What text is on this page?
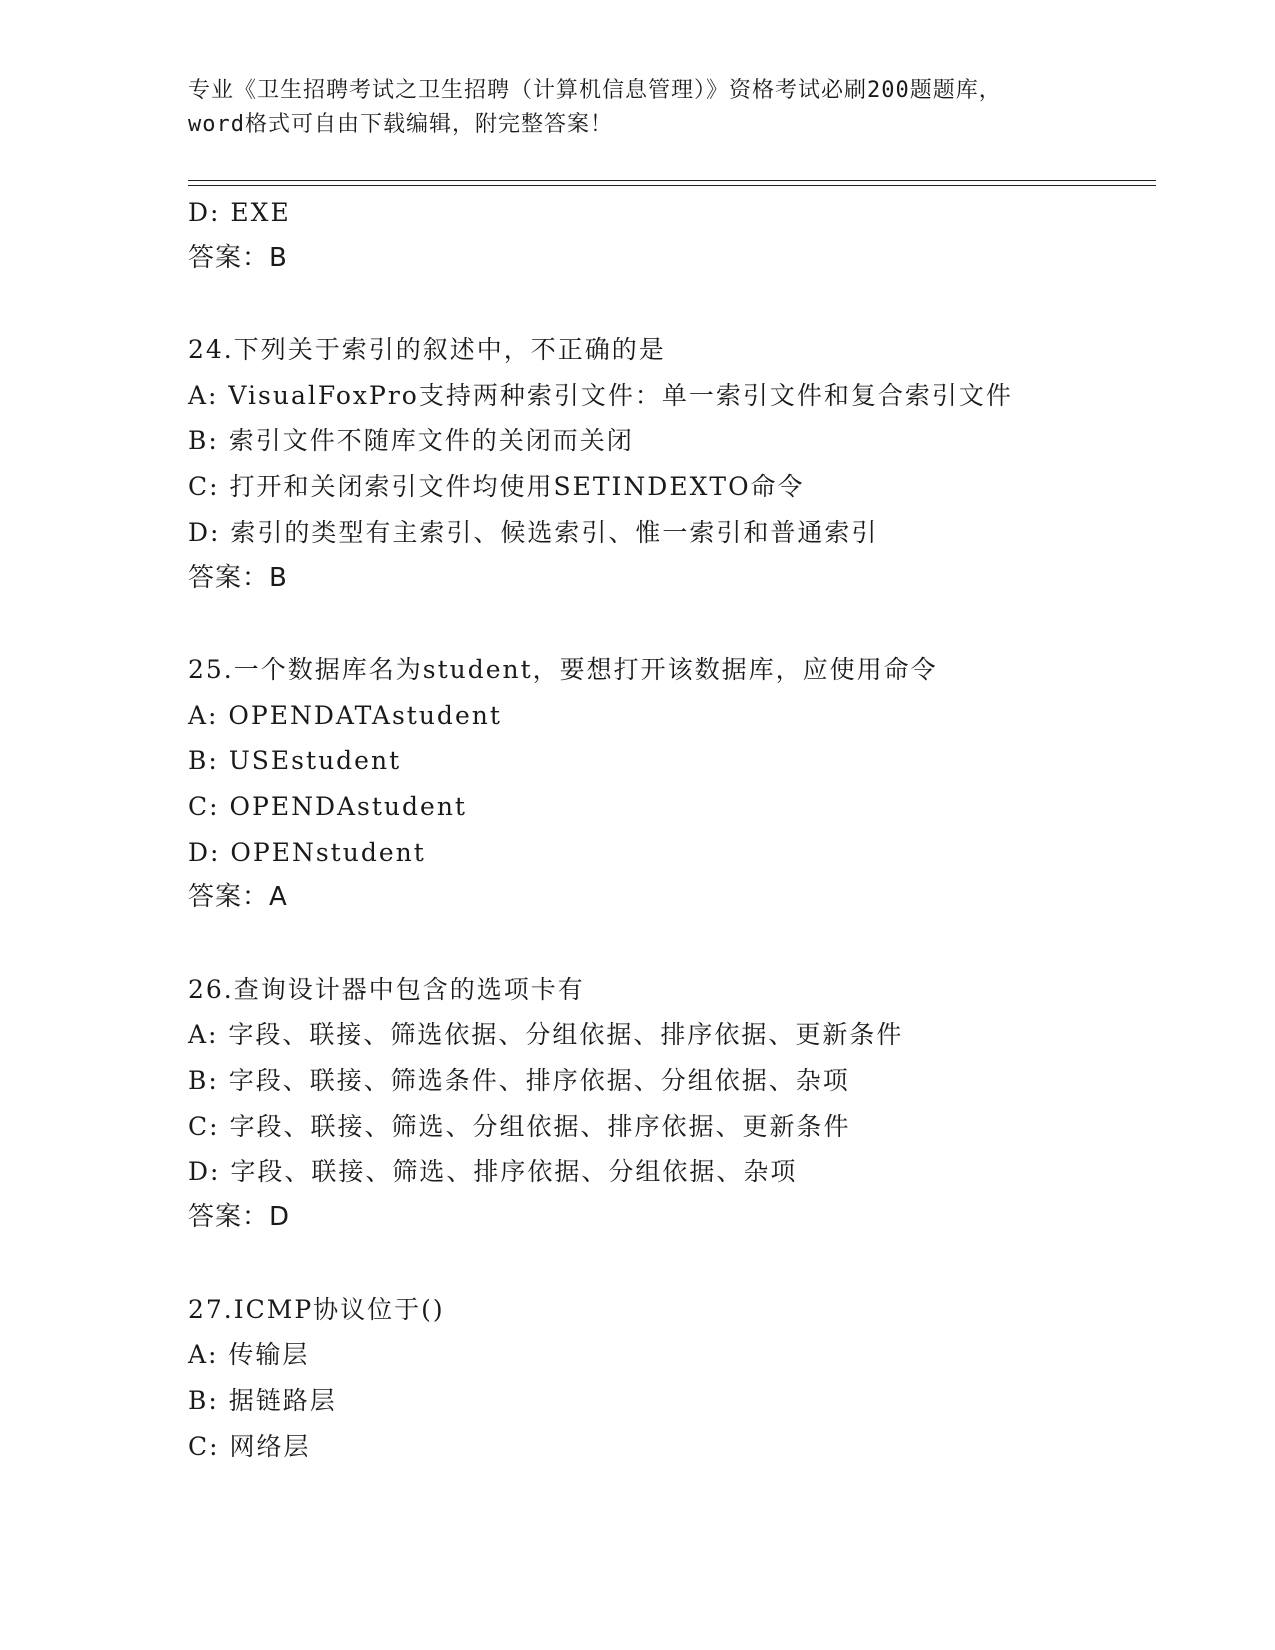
专业《卫生招聘考试之卫生招聘（计算机信息管理）》资格考试必刷200题题库，
word格式可自由下载编辑，附完整答案！
D: EXE
答案：B
24.下列关于索引的叙述中，不正确的是
A: VisualFoxPro支持两种索引文件：单一索引文件和复合索引文件
B: 索引文件不随库文件的关闭而关闭
C: 打开和关闭索引文件均使用SETINDEXTO命令
D: 索引的类型有主索引、候选索引、惟一索引和普通索引
答案：B
25.一个数据库名为student，要想打开该数据库，应使用命令
A: OPENDATAstudent
B: USEstudent
C: OPENDAstudent
D: OPENstudent
答案：A
26.查询设计器中包含的选项卡有
A: 字段、联接、筛选依据、分组依据、排序依据、更新条件
B: 字段、联接、筛选条件、排序依据、分组依据、杂项
C: 字段、联接、筛选、分组依据、排序依据、更新条件
D: 字段、联接、筛选、排序依据、分组依据、杂项
答案：D
27.ICMP协议位于()
A: 传输层
B: 据链路层
C: 网络层
